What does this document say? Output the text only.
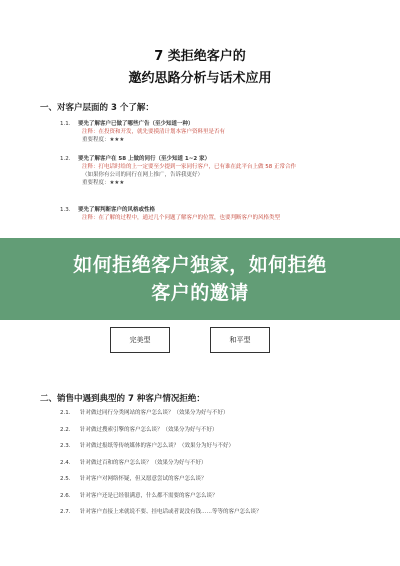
7 类拒绝客户的
邀约思路分析与话术应用
一、对客户层面的 3 个了解：
1.1. 要先了解客户已做了哪些广告（至少知道一种）
注释：在投资和开发，就先要摸清计划本客户资料里是否有
重要程度：★★★
1.2. 要先了解客户在 58 上做的同行（至少知道 1~2 家）
注释：打电话时给的上一定要至少提到一家同行客户，已有谁在此平台上做 58 正常合作
（如果你有公司的同行在网上推广，告诉我更好）
重要程度：★★★
1.3. 要先了解判断客户的风格或性格
注释：在了解的过程中，通过几个问题了解客户的位置，也要判断客户的风格类型
如何拒绝客户独家，如何拒绝
客户的邀请
完美型	和平型
二、销售中遇到典型的 7 种客户情况拒绝：
2.1. 针对做过同行分类网站的客户怎么谈？（效果分为好与不好）
2.2. 针对做过搜索引擎的客户怎么谈？（效果分为好与不好）
2.3. 针对做过报纸等传统媒体的客户怎么谈？（效果分为好与不好）
2.4. 针对做过百和的客户怎么谈？（效果分为好与不好）
2.5. 针对客户对网络怀疑，但又愿意尝试的客户怎么谈？
2.6. 针对客户还是已经很满意，什么都不需要的客户怎么谈？
2.7. 针对客户直接上来就说不要、挂电话或者说没有钱……等等的客户怎么谈？
